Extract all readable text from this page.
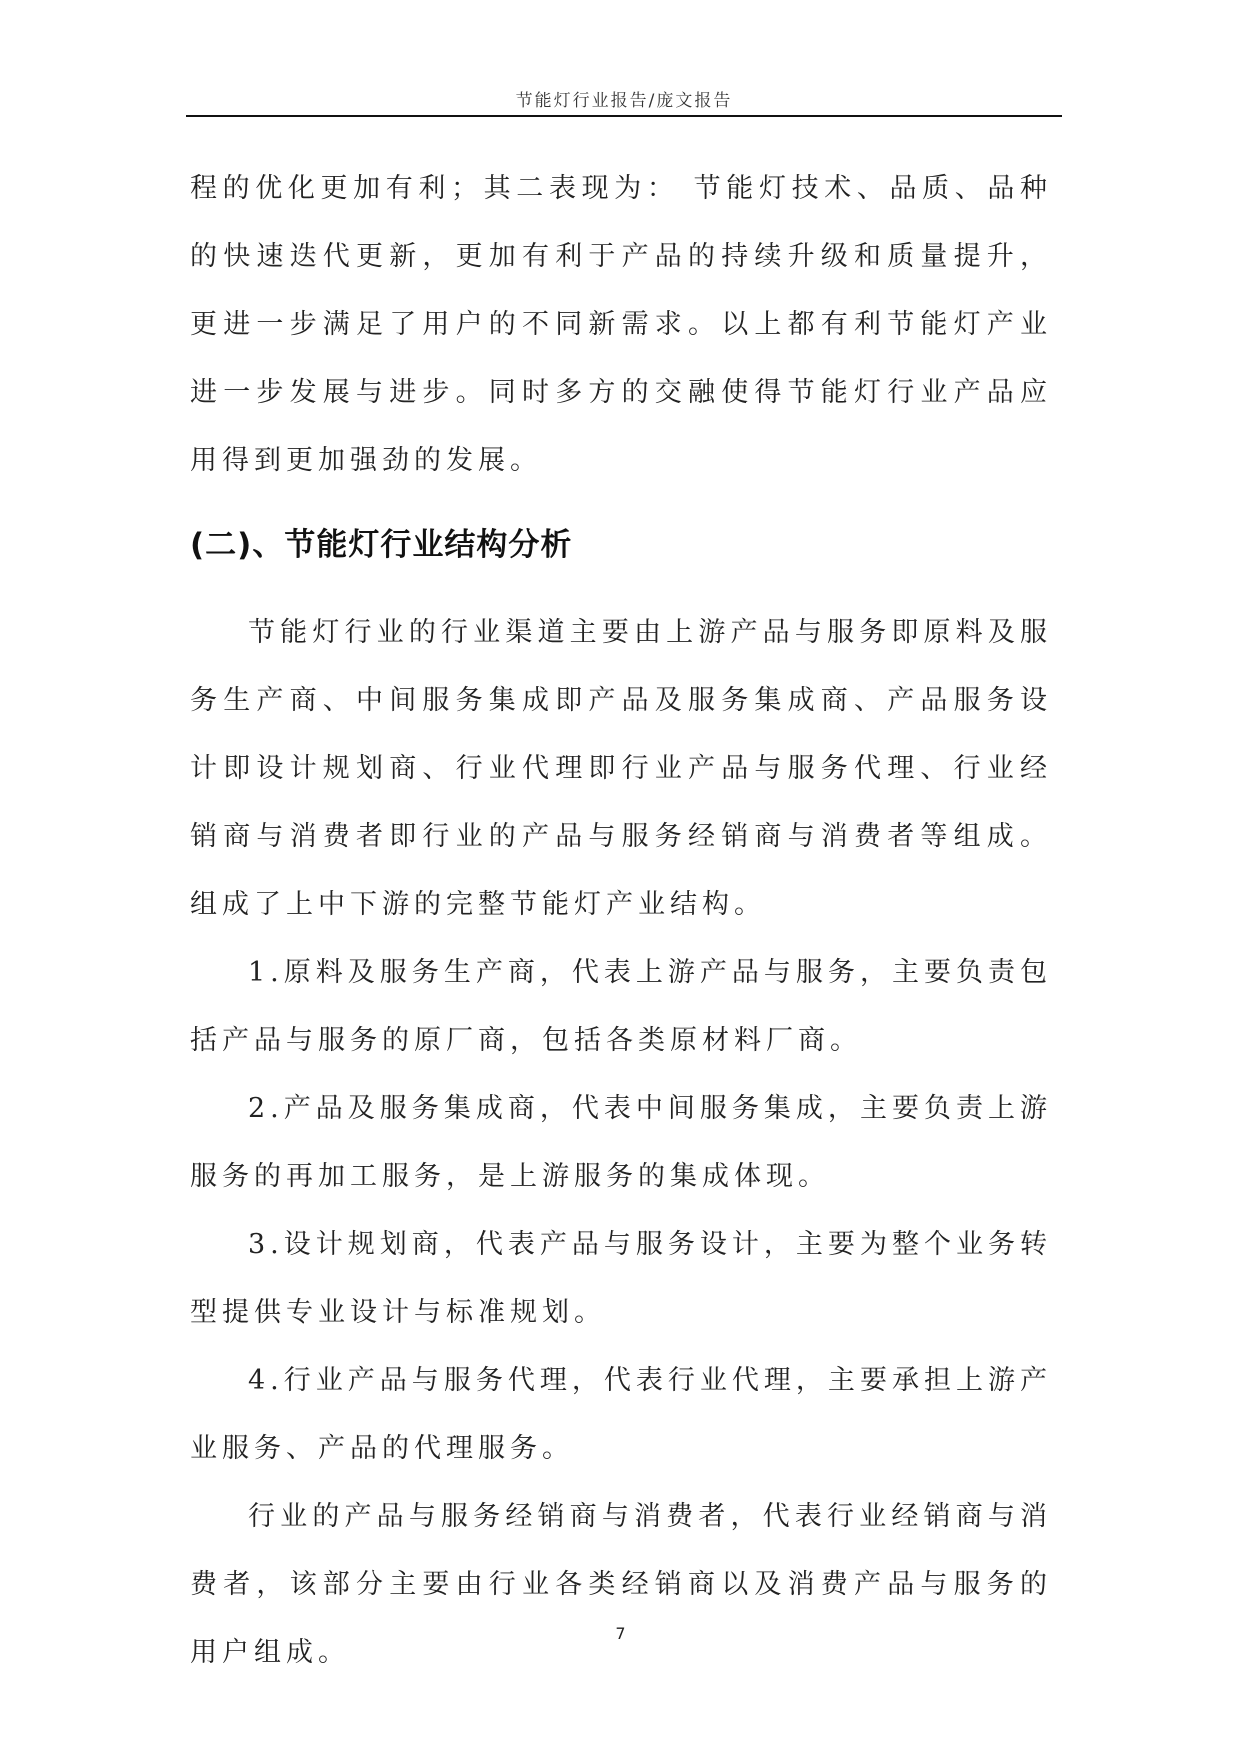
节能灯行业报告/庞文报告

程的优化更加有利；其二表现为： 节能灯技术、品质、品种的快速迭代更新，更加有利于产品的持续升级和质量提升，更进一步满足了用户的不同新需求。以上都有利节能灯产业进一步发展与进步。同时多方的交融使得节能灯行业产品应用得到更加强劲的发展。

(二)、节能灯行业结构分析

节能灯行业的行业渠道主要由上游产品与服务即原料及服务生产商、中间服务集成即产品及服务集成商、产品服务设计即设计规划商、行业代理即行业产品与服务代理、行业经销商与消费者即行业的产品与服务经销商与消费者等组成。组成了上中下游的完整节能灯产业结构。

1.原料及服务生产商，代表上游产品与服务，主要负责包括产品与服务的原厂商，包括各类原材料厂商。

2.产品及服务集成商，代表中间服务集成，主要负责上游服务的再加工服务，是上游服务的集成体现。

3.设计规划商，代表产品与服务设计，主要为整个业务转型提供专业设计与标准规划。

4.行业产品与服务代理，代表行业代理，主要承担上游产业服务、产品的代理服务。

行业的产品与服务经销商与消费者，代表行业经销商与消费者，该部分主要由行业各类经销商以及消费产品与服务的用户组成。

7
